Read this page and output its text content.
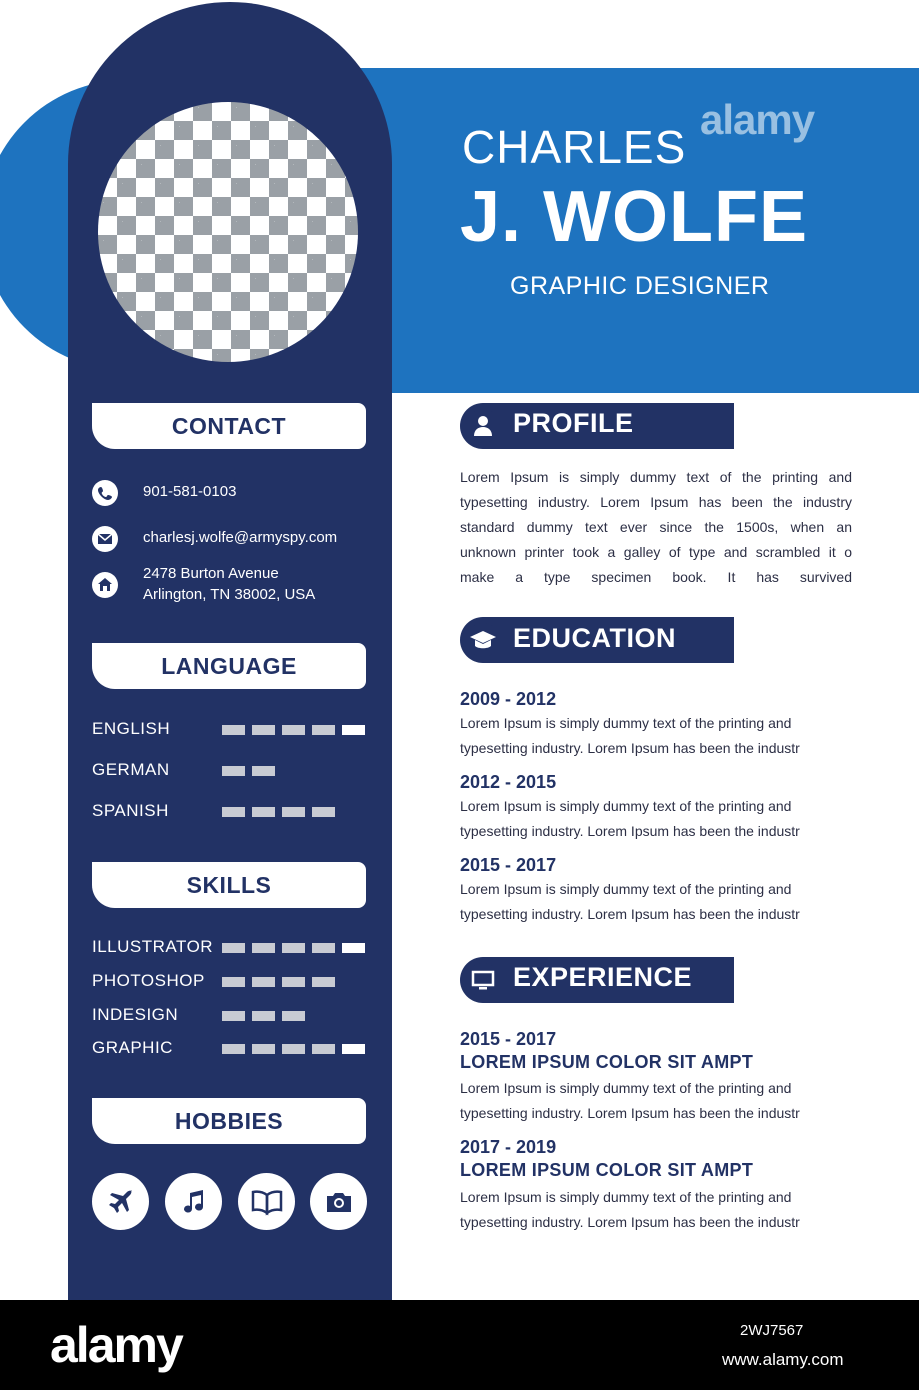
CHARLES
J. WOLFE
GRAPHIC DESIGNER
alamy
CONTACT
901-581-0103
charlesj.wolfe@armyspy.com
2478 Burton Avenue
Arlington, TN 38002, USA
LANGUAGE
ENGLISH
GERMAN
SPANISH
SKILLS
ILLUSTRATOR
PHOTOSHOP
INDESIGN
GRAPHIC
HOBBIES
PROFILE
Lorem Ipsum is simply dummy text of the printing and
typesetting industry. Lorem Ipsum has been the industry
standard dummy text ever since the 1500s, when an
unknown printer took a galley of type and scrambled it o
make a type specimen book. It has survived
EDUCATION
2009 - 2012
Lorem Ipsum is simply dummy text of the printing and
typesetting industry. Lorem Ipsum has been the industr
2012 - 2015
Lorem Ipsum is simply dummy text of the printing and
typesetting industry. Lorem Ipsum has been the industr
2015 - 2017
Lorem Ipsum is simply dummy text of the printing and
typesetting industry. Lorem Ipsum has been the industr
EXPERIENCE
2015 - 2017
LOREM IPSUM COLOR SIT AMPT
Lorem Ipsum is simply dummy text of the printing and
typesetting industry. Lorem Ipsum has been the industr
2017 - 2019
LOREM IPSUM COLOR SIT AMPT
Lorem Ipsum is simply dummy text of the printing and
typesetting industry. Lorem Ipsum has been the industr
alamy	2WJ7567
www.alamy.com
